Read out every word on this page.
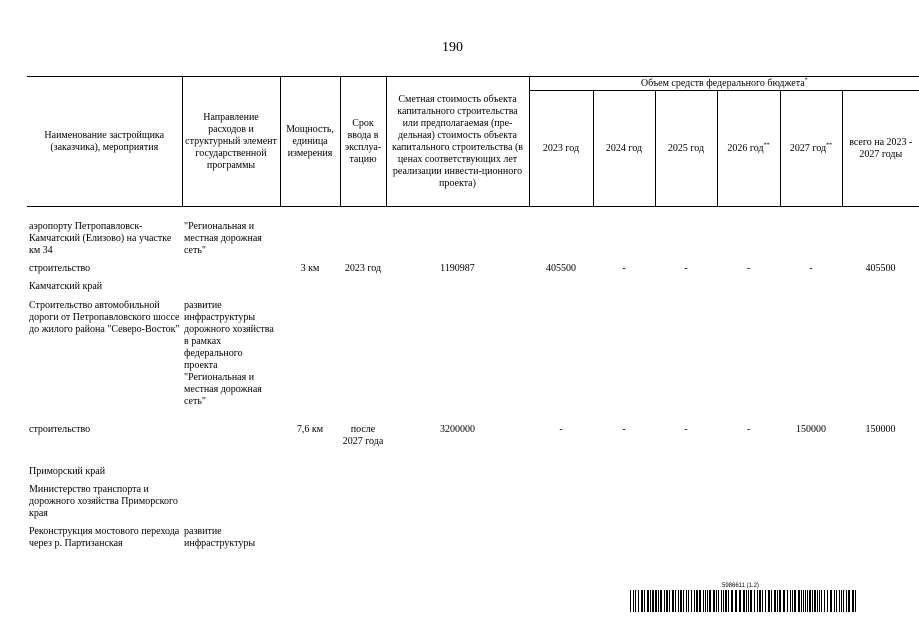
190
Наименование застройщика (заказчика), мероприятия	Направление расходов и структурный элемент государственной программы	Мощность, единица измерения	Срок ввода в эксплуа-тацию	Сметная стоимость объекта капитального строительства или предполагаемая (пре-дельная) стоимость объекта капитального строительства (в ценах соответствующих лет реализации инвести-ционного проекта)	Объем средств федерального бюджета*
					2023 год	2024 год	2025 год	2026 год**	2027 год**	всего на 2023 - 2027 годы

аэропорту Петропавловск-Камчатский (Елизово) на участке км 34	"Региональная и местная дорожная сеть"									
строительство		3 км	2023 год	1190987	405500	-	-	-	-	405500
Камчатский край										
Строительство автомобильной дороги от Петропавловского шоссе до жилого района "Северо-Восток"	развитие инфраструктуры дорожного хозяйства в рамках федерального проекта "Региональная и местная дорожная сеть"									
строительство		7,6 км	после 2027 года	3200000	-	-	-	-	150000	150000
Приморский край										
Министерство транспорта и дорожного хозяйства Приморского края										
Реконструкция мостового перехода через р. Партизанская	развитие инфраструктуры									
5986611 (1.2)
